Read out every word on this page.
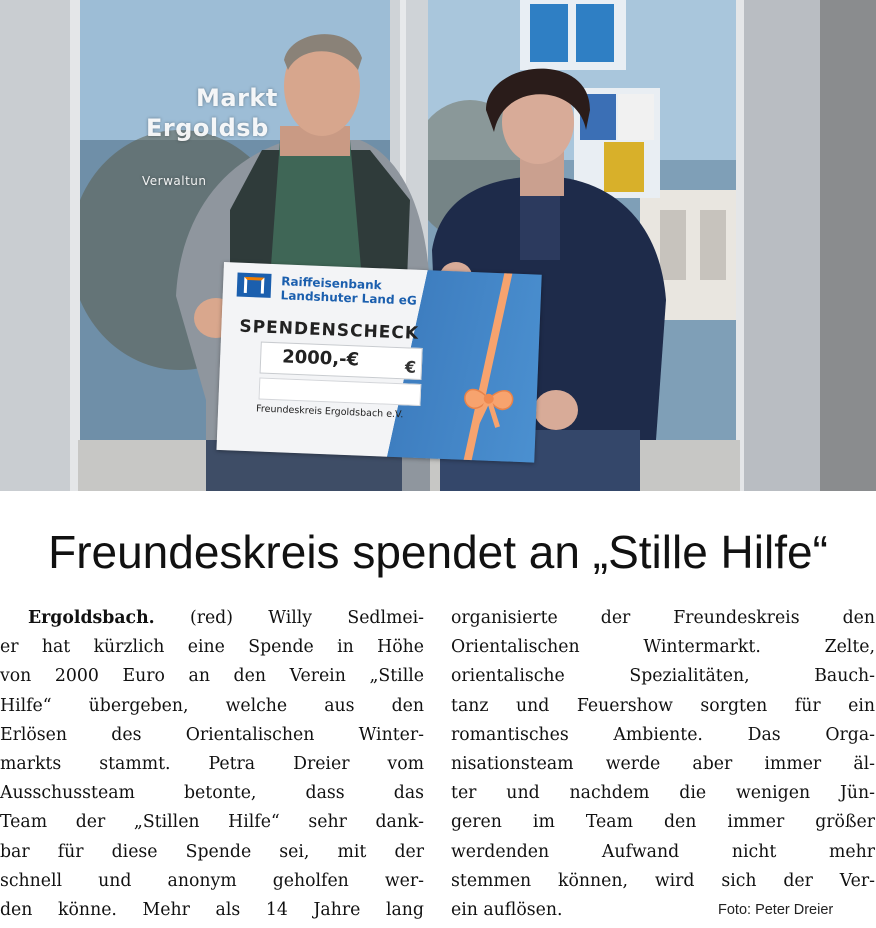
Markt
Ergoldsb
Verwaltun
Raiffeisenbank
Landshuter Land eG
SPENDENSCHECK
2000,-€	€
Freundeskreis Ergoldsbach e.V.
Freundeskreis spendet an „Stille Hilfe“
Ergoldsbach. (red) Willy Sedlmei-
er hat kürzlich eine Spende in Höhe
von 2000 Euro an den Verein „Stille
Hilfe“ übergeben, welche aus den
Erlösen des Orientalischen Winter-
markts stammt. Petra Dreier vom
Ausschussteam betonte, dass das
Team der „Stillen Hilfe“ sehr dank-
bar für diese Spende sei, mit der
schnell und anonym geholfen wer-
den könne. Mehr als 14 Jahre lang
organisierte der Freundeskreis den
Orientalischen Wintermarkt. Zelte,
orientalische Spezialitäten, Bauch-
tanz und Feuershow sorgten für ein
romantisches Ambiente. Das Orga-
nisationsteam werde aber immer äl-
ter und nachdem die wenigen Jün-
geren im Team den immer größer
werdenden Aufwand nicht mehr
stemmen können, wird sich der Ver-
ein auflösen.	Foto: Peter Dreier
